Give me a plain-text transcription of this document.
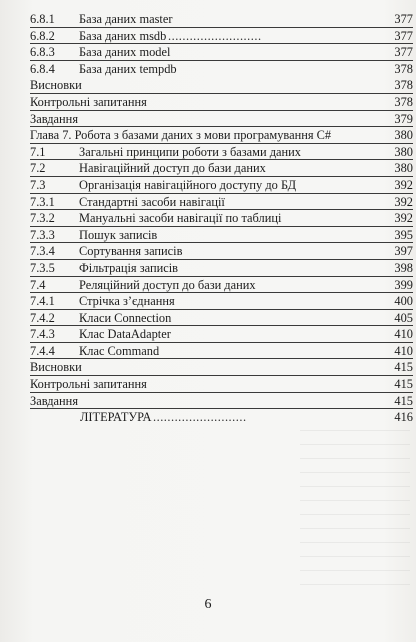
6.8.1 База даних master	377
6.8.2 База даних msdb ..........................	377
6.8.3 База даних model	377
6.8.4 База даних tempdb	378
Висновки	378
Контрольні запитання	378
Завдання	379
Глава 7. Робота з базами даних з мови програмування C#	380
7.1	Загальні принципи роботи з базами даних	380
7.2	Навігаційний доступ до бази даних	380
7.3	Організація навігаційного доступу до БД	392
7.3.1 Стандартні засоби навігації	392
7.3.2 Мануальні засоби навігації по таблиці	392
7.3.3 Пошук записів	395
7.3.4 Сортування записів	397
7.3.5 Фільтрація записів	398
7.4	Реляційний доступ до бази даних	399
7.4.1 Стрічка з’єднання	400
7.4.2 Класи Connection	405
7.4.3 Клас DataAdapter	410
7.4.4 Клас Command	410
Висновки	415
Контрольні запитання	415
Завдання	415
ЛІТЕРАТУРА ..........................	416
6
